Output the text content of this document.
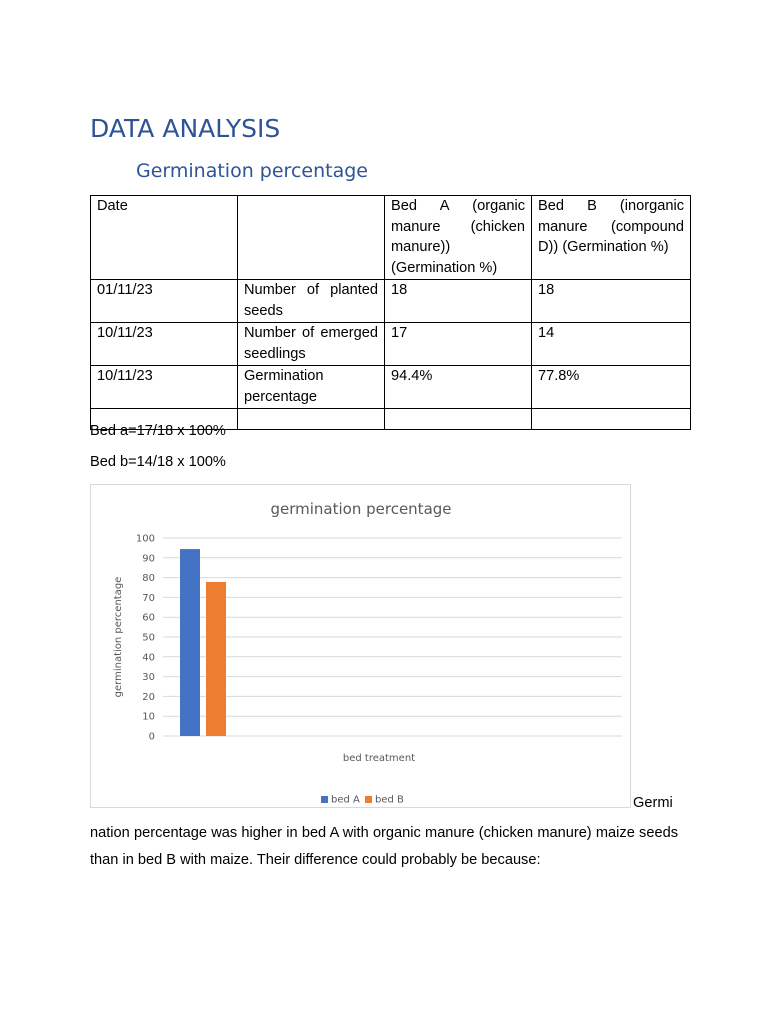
DATA ANALYSIS
Germination percentage
Date		Bed A (organic manure (chicken manure)) (Germination %)	Bed B (inorganic manure (compound D)) (Germination %)
01/11/23	Number of planted seeds	18	18
10/11/23	Number of emerged seedlings	17	14
10/11/23	Germination percentage	94.4%	77.8%

Bed a=17/18 x 100%
Bed b=14/18 x 100%
germination percentage
0
10
20
30
40
50
60
70
80
90
100
germination percentage
bed treatment
bed A bed B	Germi
nation percentage was higher in bed A with organic manure (chicken manure) maize seeds than in bed B with maize. Their difference could probably be because:
